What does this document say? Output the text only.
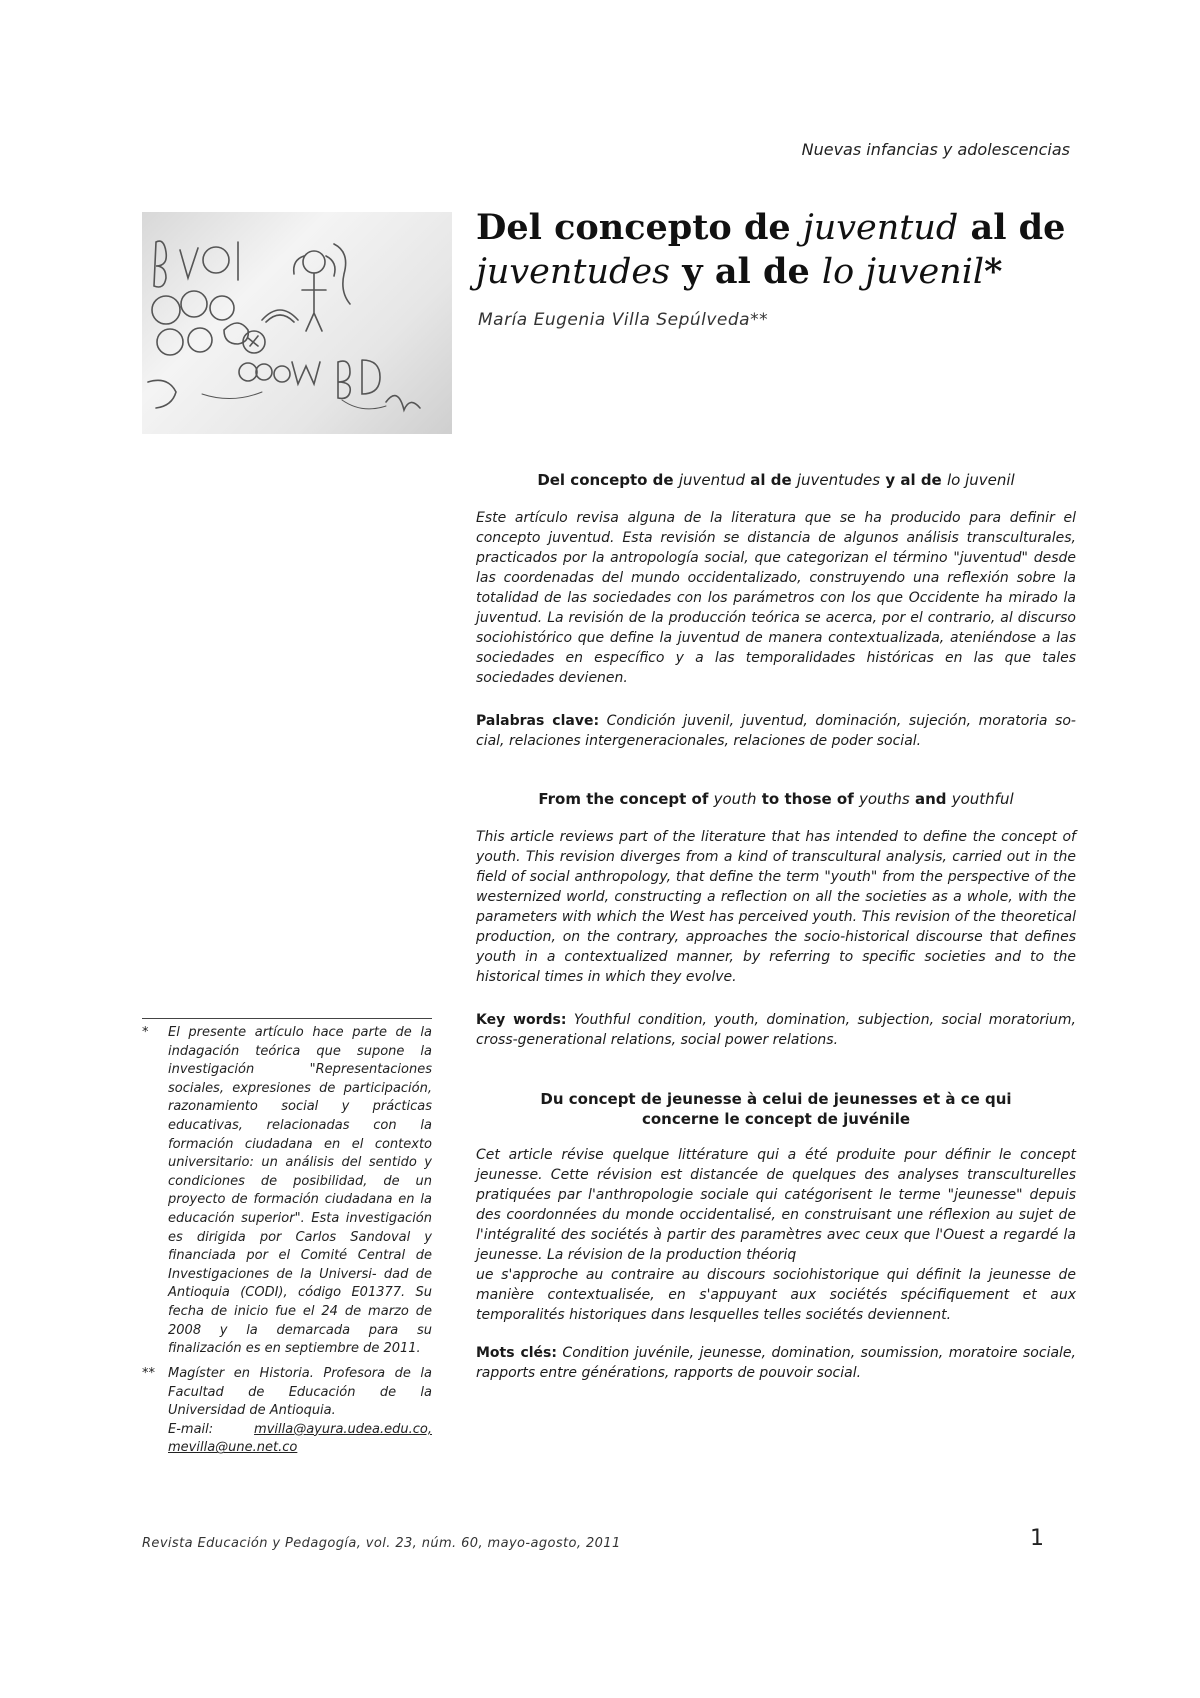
Nuevas infancias y adolescencias
Del concepto de juventud al de
juventudes y al de lo juvenil*

María Eugenia Villa Sepúlveda**

Del concepto de juventud al de juventudes y al de lo juvenil

Este artículo revisa alguna de la literatura que se ha producido para definir el concepto juventud. Esta revisión se distancia de algunos análisis transculturales, practicados por la antropología social, que categorizan el término "juventud" desde las coordenadas del mundo occidentalizado, construyendo una reflexión sobre la totalidad de las sociedades con los parámetros con los que Occidente ha mirado la juventud. La revisión de la producción teórica se acerca, por el contrario, al discurso sociohistórico que define la juventud de manera contextualizada, ateniéndose a las sociedades en específico y a las temporalidades históricas en las que tales sociedades devienen.

Palabras clave: Condición juvenil, juventud, dominación, sujeción, moratoria so- cial, relaciones intergeneracionales, relaciones de poder social.

From the concept of youth to those of youths and youthful

This article reviews part of the literature that has intended to define the concept of youth. This revision diverges from a kind of transcultural analysis, carried out in the field of social anthropology, that define the term "youth" from the perspective of the westernized world, constructing a reflection on all the societies as a whole, with the parameters with which the West has perceived youth. This revision of the theoretical production, on the contrary, approaches the socio-historical discourse that defines youth in a contextualized manner, by referring to specific societies and to the historical times in which they evolve.

Key words: Youthful condition, youth, domination, subjection, social moratorium, cross-generational relations, social power relations.

Du concept de jeunesse à celui de jeunesses et à ce qui
concerne le concept de juvénile

Cet article révise quelque littérature qui a été produite pour définir le concept jeunesse. Cette révision est distancée de quelques des analyses transculturelles pratiquées par l'anthropologie sociale qui catégorisent le terme "jeunesse" depuis des coordonnées du monde occidentalisé, en construisant une réflexion au sujet de l'intégralité des sociétés à partir des paramètres avec ceux que l'Ouest a regardé la jeunesse. La révision de la production théoriq
ue s'approche au contraire au discours sociohistorique qui définit la jeunesse de manière contextualisée, en s'appuyant aux sociétés spécifiquement et aux temporalités historiques dans lesquelles telles sociétés deviennent.

Mots clés: Condition juvénile, jeunesse, domination, soumission, moratoire sociale, rapports entre générations, rapports de pouvoir social.

*	El presente artículo hace parte de la indagación teórica que supone la investigación "Representaciones sociales, expresiones de participación, razonamiento social y prácticas educativas, relacionadas con la formación ciudadana en el contexto universitario: un análisis del sentido y condiciones de posibilidad, de un proyecto de formación ciudadana en la educación superior". Esta investigación es dirigida por Carlos Sandoval y financiada por el Comité Central de Investigaciones de la Universi- dad de Antioquia (CODI), código E01377. Su fecha de inicio fue el 24 de marzo de 2008 y la demarcada para su finalización es en septiembre de 2011.

**	Magíster en Historia. Profesora de la Facultad de Educación de la Universidad de Antioquia.
E-mail:	mvilla@ayura.udea.edu.co, mevilla@une.net.co

Revista Educación y Pedagogía, vol. 23, núm. 60, mayo-agosto, 2011	1
